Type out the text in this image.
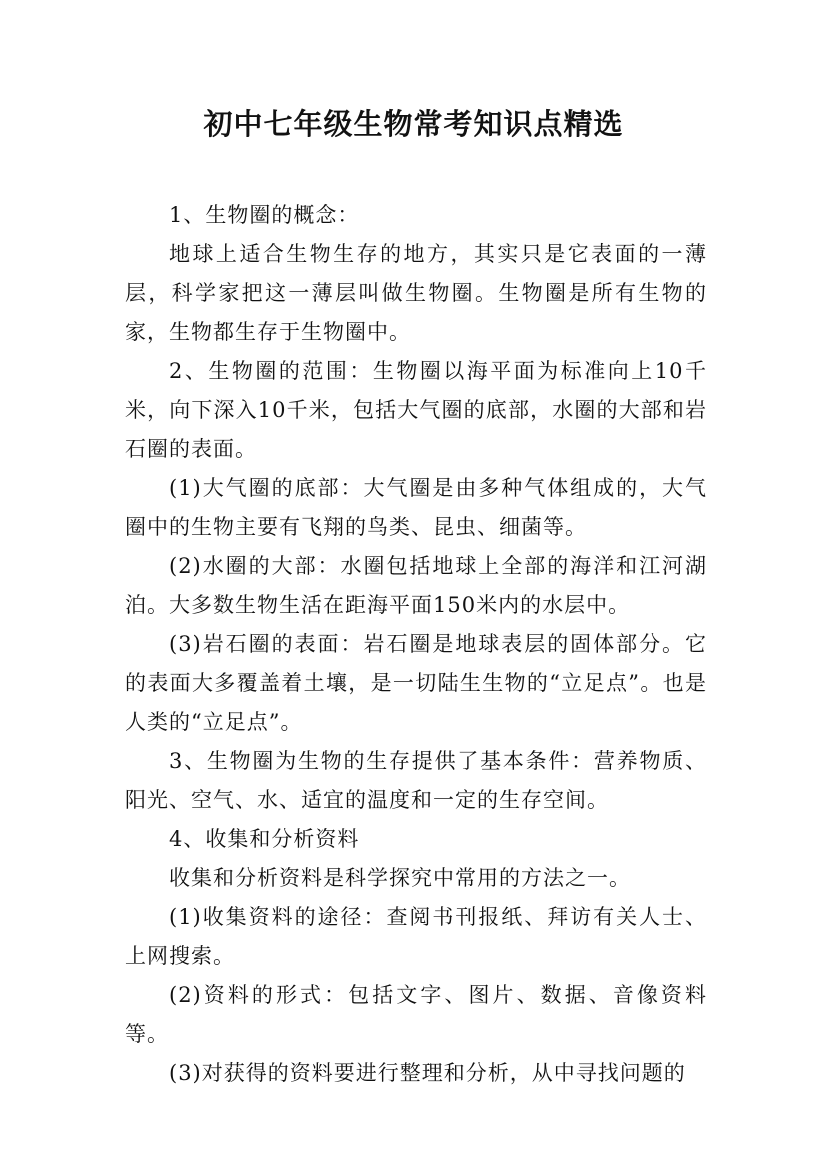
初中七年级生物常考知识点精选

1、生物圈的概念：

地球上适合生物生存的地方，其实只是它表面的一薄层，科学家把这一薄层叫做生物圈。生物圈是所有生物的家，生物都生存于生物圈中。

2、生物圈的范围：生物圈以海平面为标准向上10千米，向下深入10千米，包括大气圈的底部，水圈的大部和岩石圈的表面。

(1)大气圈的底部：大气圈是由多种气体组成的，大气圈中的生物主要有飞翔的鸟类、昆虫、细菌等。

(2)水圈的大部：水圈包括地球上全部的海洋和江河湖泊。大多数生物生活在距海平面150米内的水层中。

(3)岩石圈的表面：岩石圈是地球表层的固体部分。它的表面大多覆盖着土壤，是一切陆生生物的“立足点”。也是人类的“立足点”。

3、生物圈为生物的生存提供了基本条件：营养物质、阳光、空气、水、适宜的温度和一定的生存空间。

4、收集和分析资料

收集和分析资料是科学探究中常用的方法之一。

(1)收集资料的途径：查阅书刊报纸、拜访有关人士、上网搜索。

(2)资料的形式：包括文字、图片、数据、音像资料等。

(3)对获得的资料要进行整理和分析，从中寻找问题的
